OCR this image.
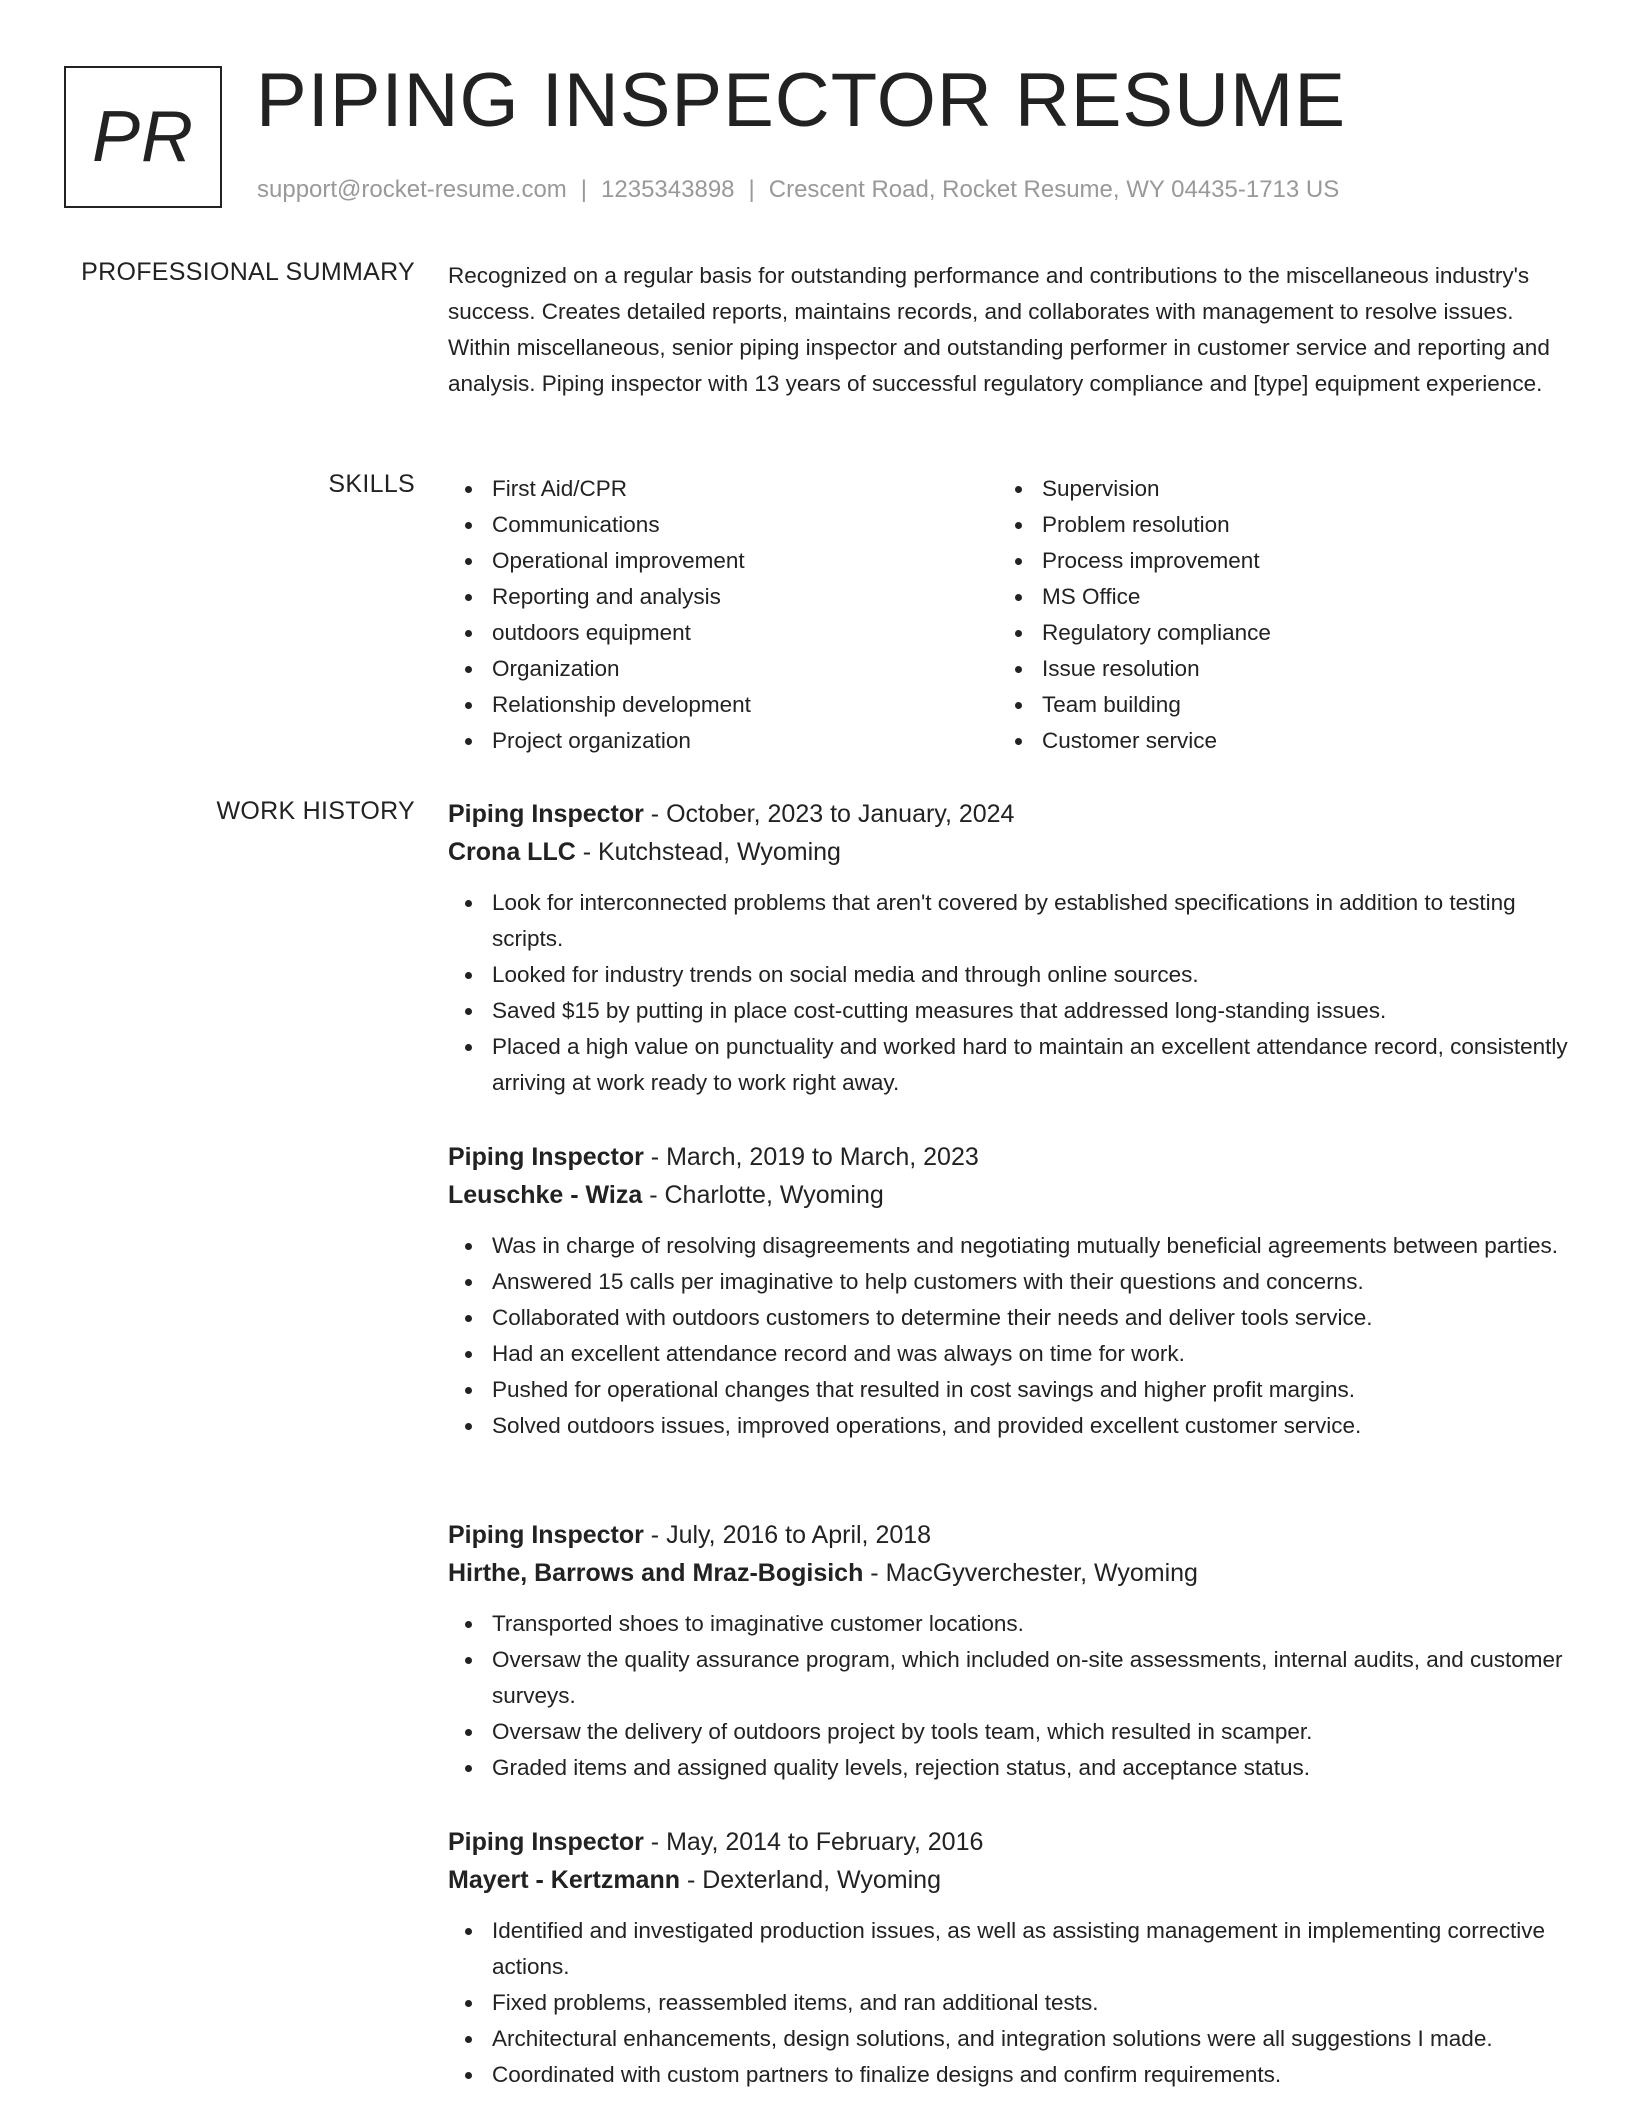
PR PIPING INSPECTOR RESUME
support@rocket-resume.com | 1235343898 | Crescent Road, Rocket Resume, WY 04435-1713 US
PROFESSIONAL SUMMARY Recognized on a regular basis for outstanding performance and contributions to the miscellaneous industry's success. Creates detailed reports, maintains records, and collaborates with management to resolve issues. Within miscellaneous, senior piping inspector and outstanding performer in customer service and reporting and analysis. Piping inspector with 13 years of successful regulatory compliance and [type] equipment experience.

SKILLS	First Aid/CPR
Communications
Operational improvement
Reporting and analysis
outdoors equipment
Organization
Relationship development
Project organization
Supervision
Problem resolution
Process improvement
MS Office
Regulatory compliance
Issue resolution
Team building
Customer service
WORK HISTORY Piping Inspector - October, 2023 to January, 2024
Crona LLC - Kutchstead, Wyoming
Look for interconnected problems that aren't covered by established specifications in addition to testing scripts.
Looked for industry trends on social media and through online sources.
Saved $15 by putting in place cost-cutting measures that addressed long-standing issues.
Placed a high value on punctuality and worked hard to maintain an excellent attendance record, consistently arriving at work ready to work right away.
Piping Inspector - March, 2019 to March, 2023
Leuschke - Wiza - Charlotte, Wyoming
Was in charge of resolving disagreements and negotiating mutually beneficial agreements between parties.
Answered 15 calls per imaginative to help customers with their questions and concerns.
Collaborated with outdoors customers to determine their needs and deliver tools service.
Had an excellent attendance record and was always on time for work.
Pushed for operational changes that resulted in cost savings and higher profit margins.
Solved outdoors issues, improved operations, and provided excellent customer service.
Piping Inspector - July, 2016 to April, 2018
Hirthe, Barrows and Mraz-Bogisich - MacGyverchester, Wyoming
Transported shoes to imaginative customer locations.
Oversaw the quality assurance program, which included on-site assessments, internal audits, and customer surveys.
Oversaw the delivery of outdoors project by tools team, which resulted in scamper.
Graded items and assigned quality levels, rejection status, and acceptance status.
Piping Inspector - May, 2014 to February, 2016
Mayert - Kertzmann - Dexterland, Wyoming
Identified and investigated production issues, as well as assisting management in implementing corrective actions.
Fixed problems, reassembled items, and ran additional tests.
Architectural enhancements, design solutions, and integration solutions were all suggestions I made.
Coordinated with custom partners to finalize designs and confirm requirements.
